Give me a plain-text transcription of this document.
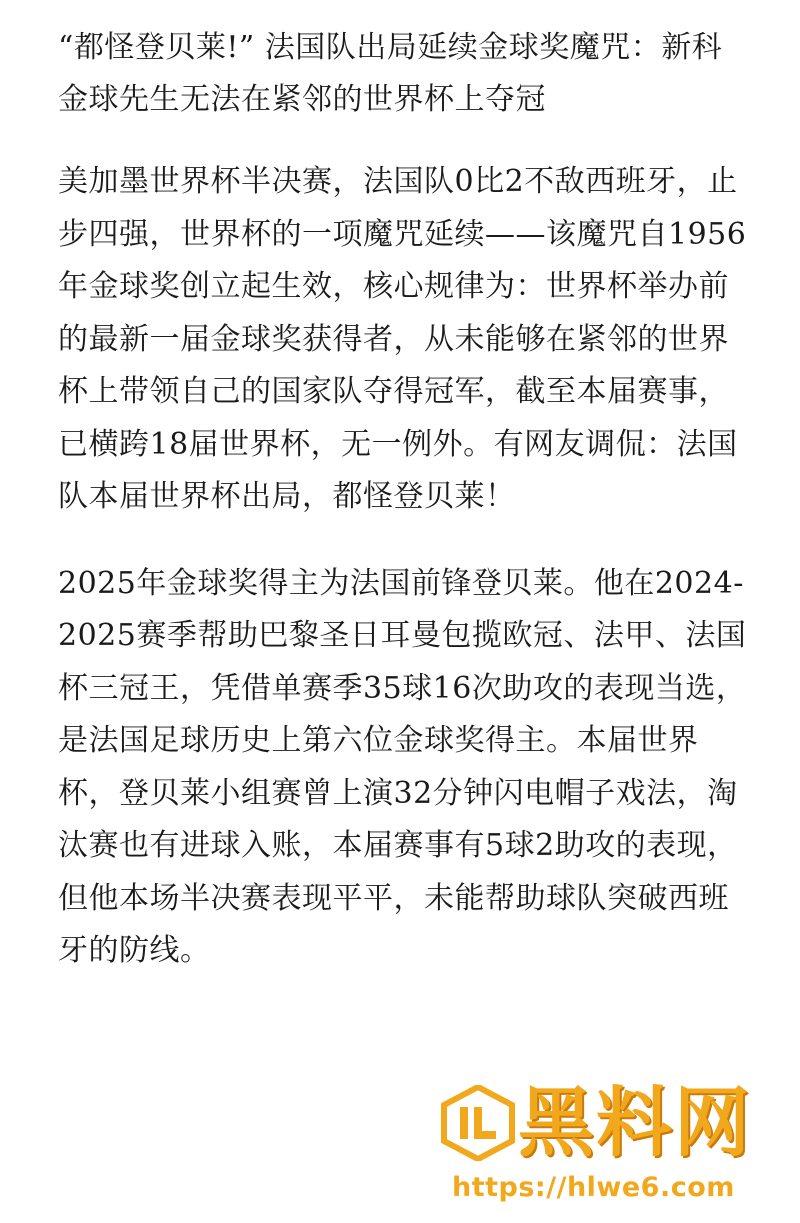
“都怪登贝莱!” 法国队出局延续金球奖魔咒：新科金球先生无法在紧邻的世界杯上夺冠

美加墨世界杯半决赛，法国队0比2不敌西班牙，止步四强，世界杯的一项魔咒延续——该魔咒自1956年金球奖创立起生效，核心规律为：世界杯举办前的最新一届金球奖获得者，从未能够在紧邻的世界杯上带领自己的国家队夺得冠军，截至本届赛事，已横跨18届世界杯，无一例外。有网友调侃：法国队本届世界杯出局，都怪登贝莱！

2025年金球奖得主为法国前锋登贝莱。他在2024-2025赛季帮助巴黎圣日耳曼包揽欧冠、法甲、法国杯三冠王，凭借单赛季35球16次助攻的表现当选，是法国足球历史上第六位金球奖得主。本届世界杯，登贝莱小组赛曾上演32分钟闪电帽子戏法，淘汰赛也有进球入账，本届赛事有5球2助攻的表现，但他本场半决赛表现平平，未能帮助球队突破西班牙的防线。

黑料网
https://hlwe6.com
